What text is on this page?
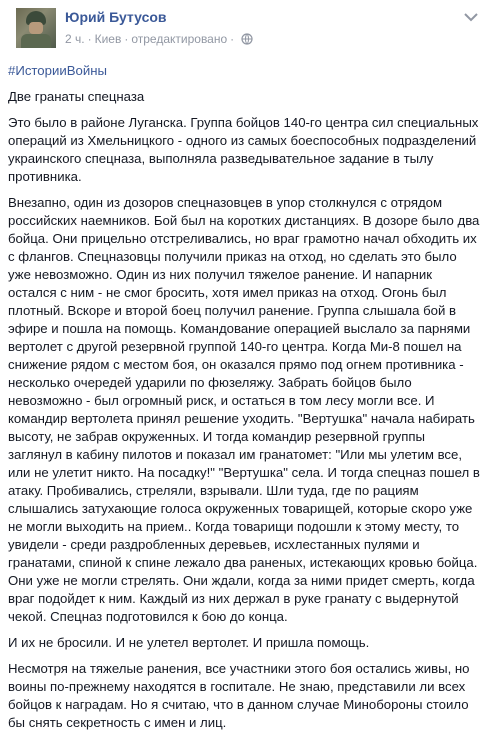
Юрий Бутусов
2 ч. · Киев · отредактировано ·
#ИсторииВойны

Две гранаты спецназа

Это было в районе Луганска. Группа бойцов 140-го центра сил специальных операций из Хмельницкого - одного из самых боеспособных подразделений украинского спецназа, выполняла разведывательное задание в тылу противника.

Внезапно, один из дозоров спецназовцев в упор столкнулся с отрядом российских наемников. Бой был на коротких дистанциях. В дозоре было два бойца. Они прицельно отстреливались, но враг грамотно начал обходить их с флангов. Спецназовцы получили приказ на отход, но сделать это было уже невозможно. Один из них получил тяжелое ранение. И напарник остался с ним - не смог бросить, хотя имел приказ на отход. Огонь был плотный. Вскоре и второй боец получил ранение. Группа слышала бой в эфире и пошла на помощь. Командование операцией выслало за парнями вертолет с другой резервной группой 140-го центра. Когда Ми-8 пошел на снижение рядом с местом боя, он оказался прямо под огнем противника - несколько очередей ударили по фюзеляжу. Забрать бойцов было невозможно - был огромный риск, и остаться в том лесу могли все. И командир вертолета принял решение уходить. "Вертушка" начала набирать высоту, не забрав окруженных. И тогда командир резервной группы заглянул в кабину пилотов и показал им гранатомет: "Или мы улетим все, или не улетит никто. На посадку!" "Вертушка" села. И тогда спецназ пошел в атаку. Пробивались, стреляли, взрывали. Шли туда, где по рациям слышались затухающие голоса окруженных товарищей, которые скоро уже не могли выходить на прием.. Когда товарищи подошли к этому месту, то увидели - среди раздробленных деревьев, исхлестанных пулями и гранатами, спиной к спине лежало два раненых, истекающих кровью бойца. Они уже не могли стрелять. Они ждали, когда за ними придет смерть, когда враг подойдет к ним. Каждый из них держал в руке гранату с выдернутой чекой. Спецназ подготовился к бою до конца.

И их не бросили. И не улетел вертолет. И пришла помощь.

Несмотря на тяжелые ранения, все участники этого боя остались живы, но воины по-прежнему находятся в госпитале. Не знаю, представили ли всех бойцов к наградам. Но я считаю, что в данном случае Минобороны стоило бы снять секретность с имен и лиц.
